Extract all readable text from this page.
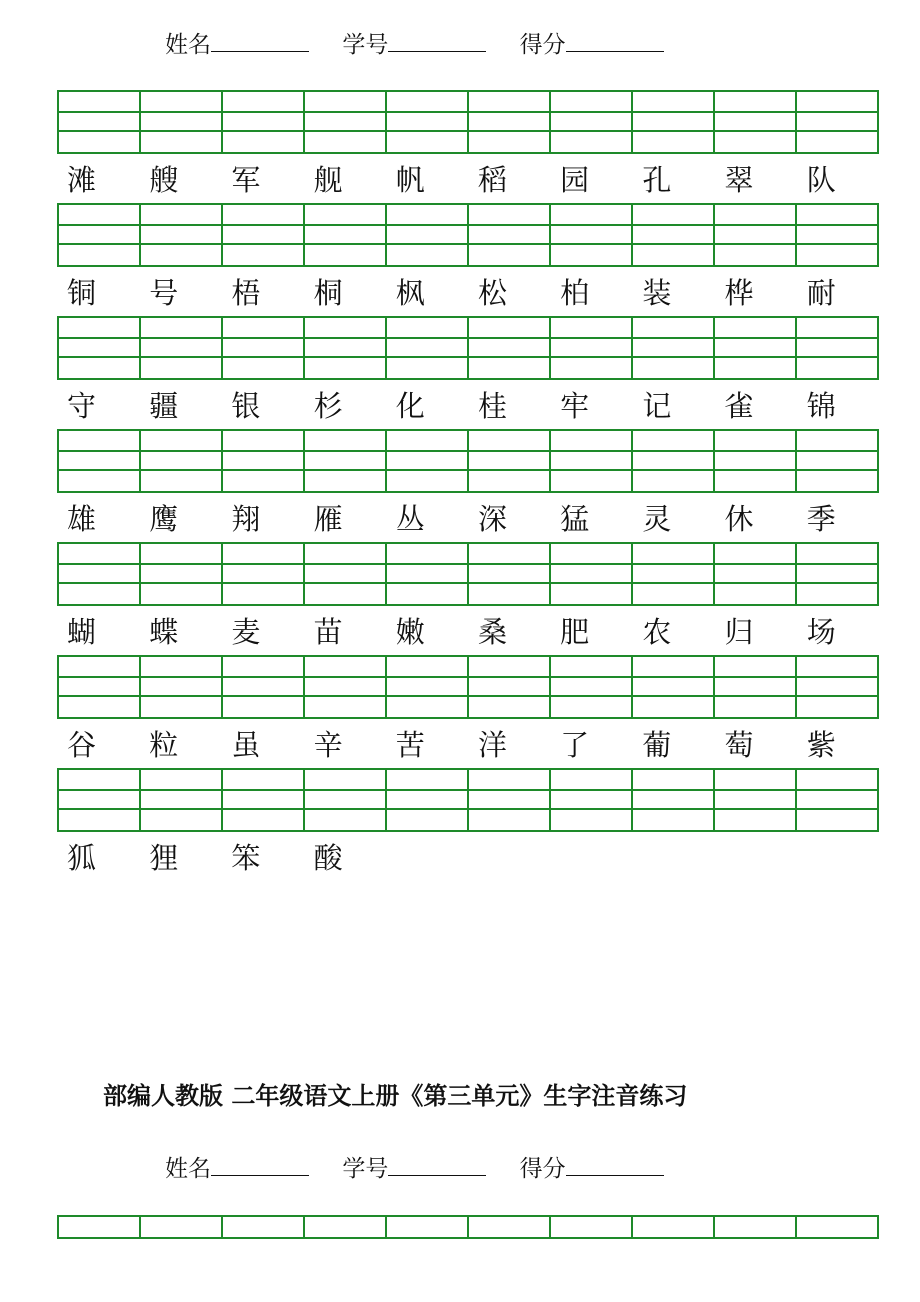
姓名	学号	得分
滩	艘	军	舰	帆	稻	园	孔	翠	队
铜	号	梧	桐	枫	松	柏	装	桦	耐
守	疆	银	杉	化	桂	牢	记	雀	锦
雄	鹰	翔	雁	丛	深	猛	灵	休	季
蝴	蝶	麦	苗	嫩	桑	肥	农	归	场
谷	粒	虽	辛	苦	洋	了	葡	萄	紫
狐	狸	笨	酸
部编人教版 二年级语文上册《第三单元》生字注音练习
姓名	学号	得分
